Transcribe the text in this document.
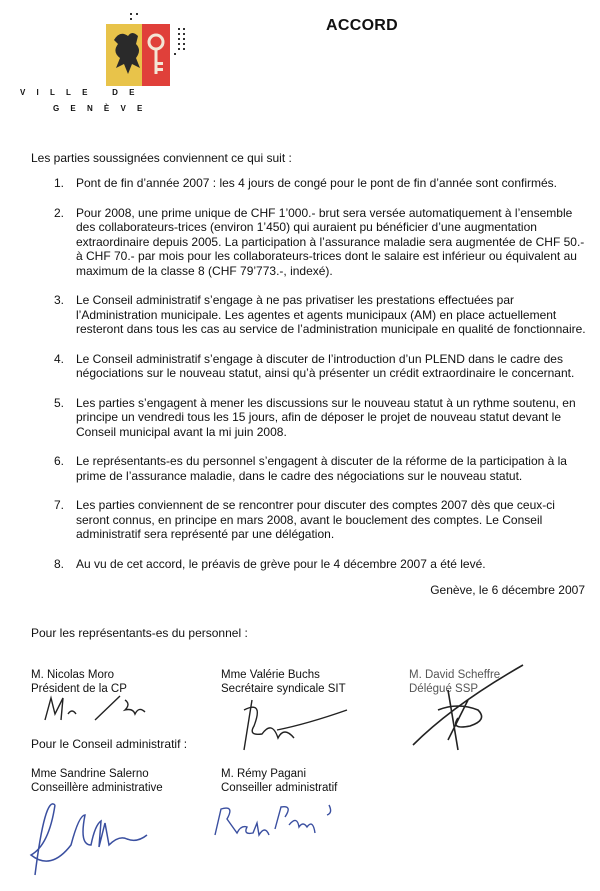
VILLE DE
GENÈVE
ACCORD
Les parties soussignées conviennent ce qui suit :
1. Pont de fin d’année 2007 : les 4 jours de congé pour le pont de fin d’année sont confirmés.
2. Pour 2008, une prime unique de CHF 1’000.- brut sera versée automatiquement à l’ensemble des collaborateurs-trices (environ 1’450) qui auraient pu bénéficier d’une augmentation extraordinaire depuis 2005. La participation à l’assurance maladie sera augmentée de CHF 50.- à CHF 70.- par mois pour les collaborateurs-trices dont le salaire est inférieur ou équivalent au maximum de la classe 8 (CHF 79’773.-, indexé).
3. Le Conseil administratif s’engage à ne pas privatiser les prestations effectuées par l’Administration municipale. Les agentes et agents municipaux (AM) en place actuellement resteront dans tous les cas au service de l’administration municipale en qualité de fonctionnaire.
4. Le Conseil administratif s’engage à discuter de l’introduction d’un PLEND dans le cadre des négociations sur le nouveau statut, ainsi qu’à présenter un crédit extraordinaire le concernant.
5. Les parties s’engagent à mener les discussions sur le nouveau statut à un rythme soutenu, en principe un vendredi tous les 15 jours, afin de déposer le projet de nouveau statut devant le Conseil municipal avant la mi juin 2008.
6. Le représentants-es du personnel s’engagent à discuter de la réforme de la participation à la prime de l’assurance maladie, dans le cadre des négociations sur le nouveau statut.
7. Les parties conviennent de se rencontrer pour discuter des comptes 2007 dès que ceux-ci seront connus, en principe en mars 2008, avant le bouclement des comptes. Le Conseil administratif sera représenté par une délégation.
8. Au vu de cet accord, le préavis de grève pour le 4 décembre 2007 a été levé.
Genève, le 6 décembre 2007
Pour les représentants-es du personnel :
M. Nicolas Moro
Président de la CP
Mme Valérie Buchs
Secrétaire syndicale SIT
M. David Scheffre
Délégué SSP
Pour le Conseil administratif :
Mme Sandrine Salerno
Conseillère administrative
M. Rémy Pagani
Conseiller administratif
